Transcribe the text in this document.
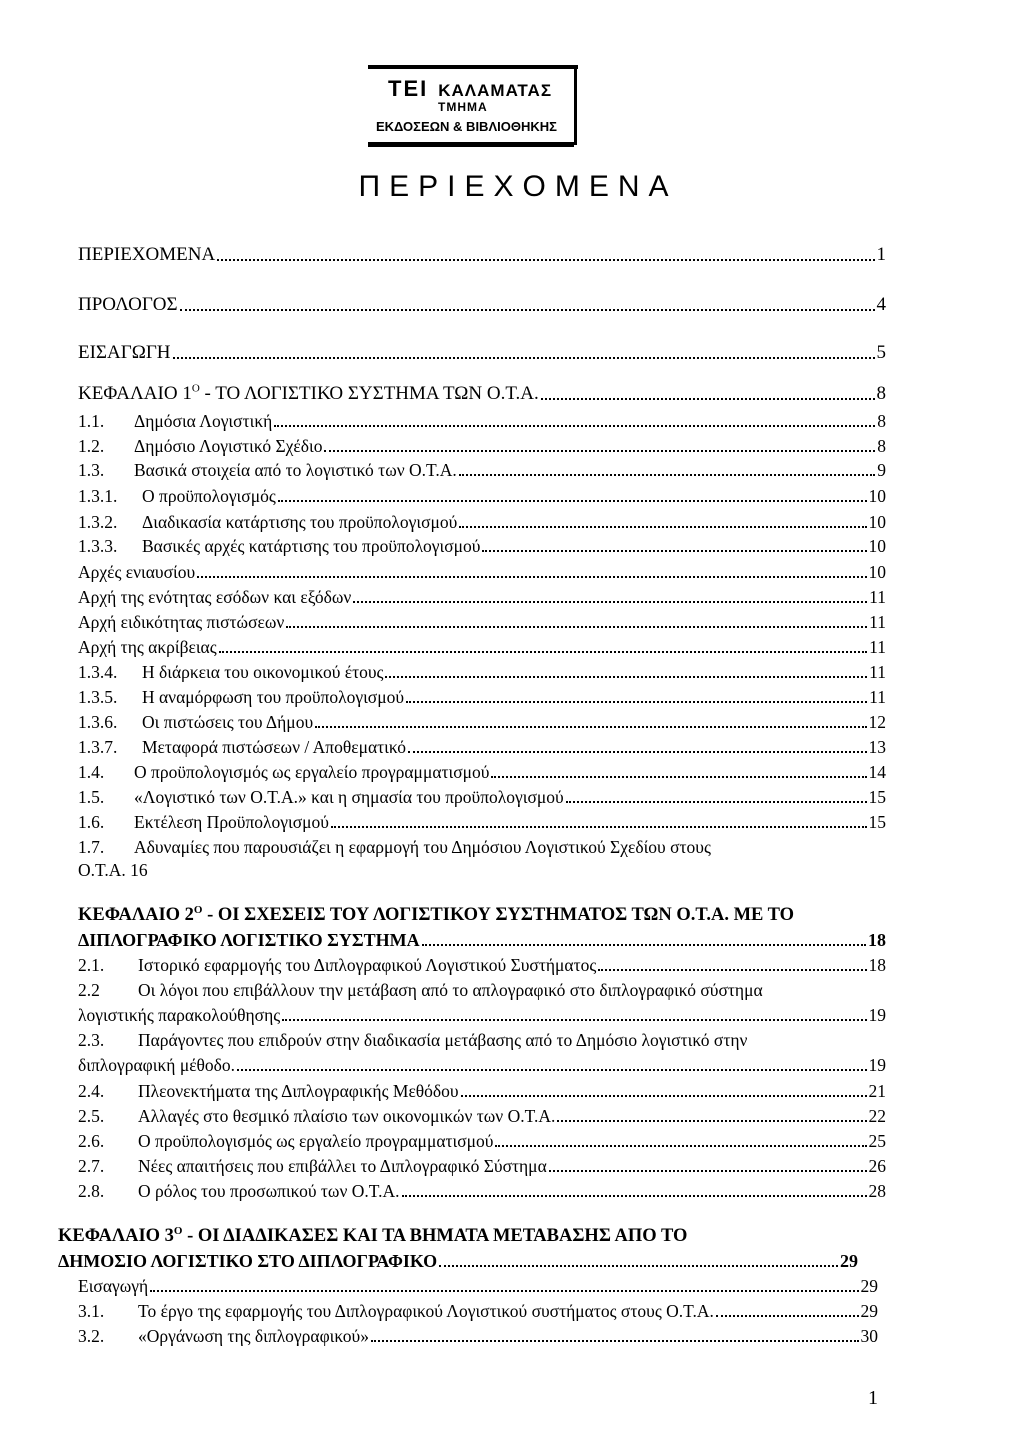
ΤΕΙ ΚΑΛΑΜΑΤΑΣ
ΤΜΗΜΑ
ΕΚΔΟΣΕΩΝ & ΒΙΒΛΙΟΘΗΚΗΣ
ΠΕΡΙΕΧΟΜΕΝΑ
ΠΕΡΙΕΧΟΜΕΝΑ	1
ΠΡΟΛΟΓΟΣ	4
ΕΙΣΑΓΩΓΗ	5
ΚΕΦΑΛΑΙΟ $1^O$ - ΤΟ ΛΟΓΙΣΤΙΚΟ ΣΥΣΤΗΜΑ ΤΩΝ Ο.Τ.Α.	8
1.1.	Δημόσια Λογιστική	8
1.2.	Δημόσιο Λογιστικό Σχέδιο	8
1.3.	Βασικά στοιχεία από το λογιστικό των Ο.Τ.Α.	9
1.3.1.	Ο προϋπολογισμός	10
1.3.2.	Διαδικασία κατάρτισης του προϋπολογισμού	10
1.3.3.	Βασικές αρχές κατάρτισης του προϋπολογισμού	10
Αρχές ενιαυσίου	10
Αρχή της ενότητας εσόδων και εξόδων	11
Αρχή ειδικότητας πιστώσεων	11
Αρχή της ακρίβειας	11
1.3.4.	Η διάρκεια του οικονομικού έτους	11
1.3.5.	Η αναμόρφωση του προϋπολογισμού	11
1.3.6.	Οι πιστώσεις του Δήμου	12
1.3.7.	Μεταφορά πιστώσεων / Αποθεματικό	13
1.4.	Ο προϋπολογισμός ως εργαλείο προγραμματισμού	14
1.5.	«Λογιστικό των Ο.Τ.Α.» και η σημασία του προϋπολογισμού	15
1.6.	Εκτέλεση Προϋπολογισμού	15
1.7.	Αδυναμίες που παρουσιάζει η εφαρμογή του Δημόσιου Λογιστικού Σχεδίου στους
Ο.Τ.Α. 16
ΚΕΦΑΛΑΙΟ $2^O$ - ΟΙ ΣΧΕΣΕΙΣ ΤΟΥ ΛΟΓΙΣΤΙΚΟΥ ΣΥΣΤΗΜΑΤΟΣ ΤΩΝ Ο.Τ.Α. ΜΕ ΤΟ
ΔΙΠΛΟΓΡΑΦΙΚΟ ΛΟΓΙΣΤΙΚΟ ΣΥΣΤΗΜΑ	18
2.1.	Ιστορικό εφαρμογής του Διπλογραφικού Λογιστικού Συστήματος	18
2.2	Οι λόγοι που επιβάλλουν την μετάβαση από το απλογραφικό στο διπλογραφικό σύστημα
λογιστικής παρακολούθησης	19
2.3.	Παράγοντες που επιδρούν στην διαδικασία μετάβασης από το Δημόσιο λογιστικό στην
διπλογραφική μέθοδο.	19
2.4.	Πλεονεκτήματα της Διπλογραφικής Μεθόδου	21
2.5.	Αλλαγές στο θεσμικό πλαίσιο των οικονομικών των Ο.Τ.Α.	22
2.6.	Ο προϋπολογισμός ως εργαλείο προγραμματισμού	25
2.7.	Νέες απαιτήσεις που επιβάλλει το Διπλογραφικό Σύστημα	26
2.8.	Ο ρόλος του προσωπικού των Ο.Τ.Α.	28
ΚΕΦΑΛΑΙΟ $3^O$ - ΟΙ ΔΙΑΔΙΚΑΣΕΣ ΚΑΙ ΤΑ ΒΗΜΑΤΑ ΜΕΤΑΒΑΣΗΣ ΑΠΟ ΤΟ
ΔΗΜΟΣΙΟ ΛΟΓΙΣΤΙΚΟ ΣΤΟ ΔΙΠΛΟΓΡΑΦΙΚΟ	29
Εισαγωγή	29
3.1.	Το έργο της εφαρμογής του Διπλογραφικού Λογιστικού συστήματος στους Ο.Τ.Α.	29
3.2.	«Οργάνωση της διπλογραφικού»	30
1
